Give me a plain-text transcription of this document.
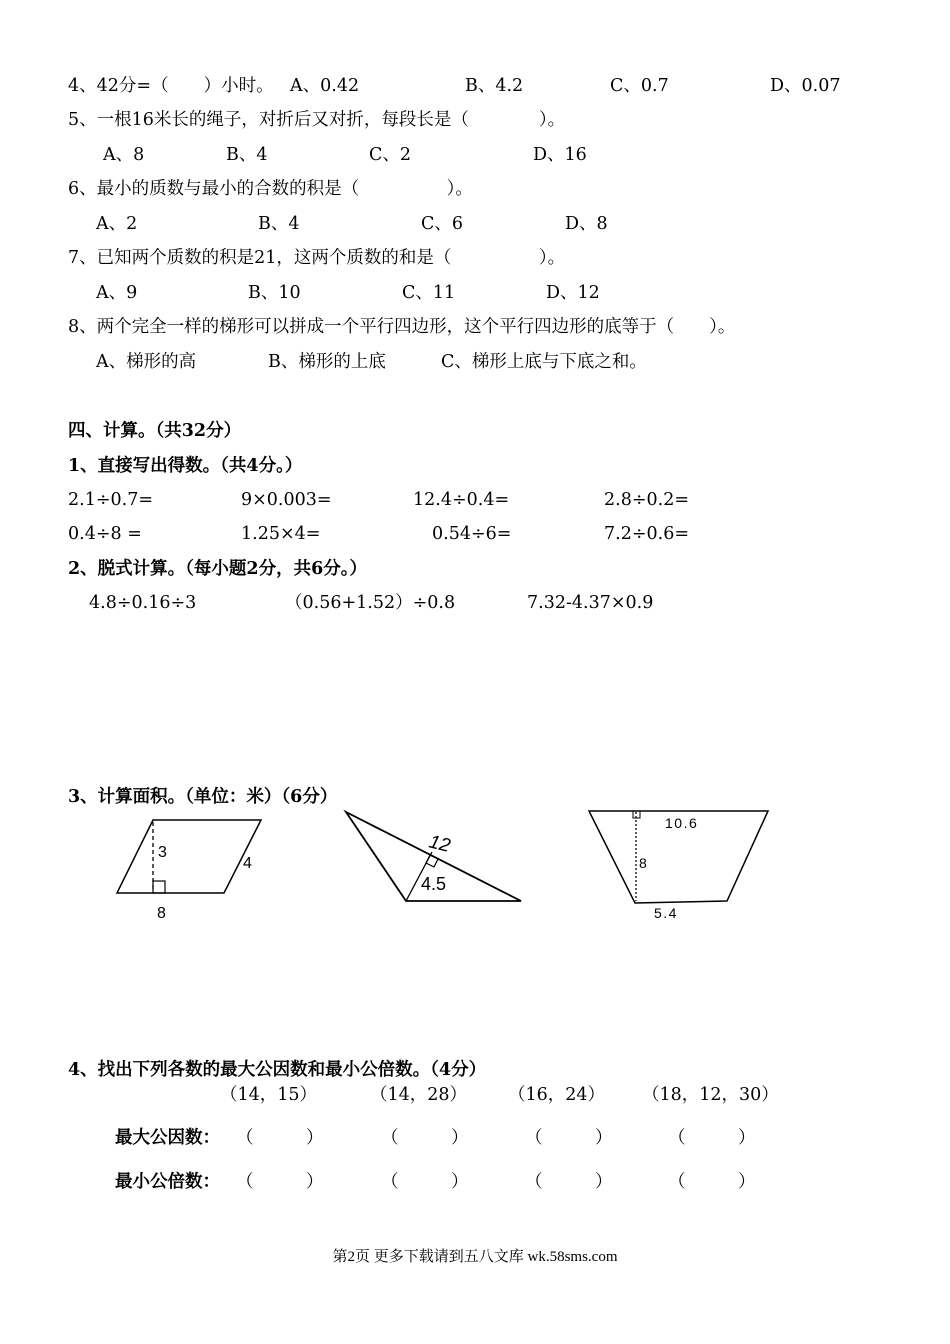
4、42分=（　　）小时。 A、0.42	B、4.2	C、0.7	D、0.07
5、一根16米长的绳子，对折后又对折，每段长是（　　　　）。
A、8	B、4	C、2	D、16
6、最小的质数与最小的合数的积是（　　　　　）。
A、2	B、4	C、6	D、8
7、已知两个质数的积是21，这两个质数的和是（　　　　　）。
A、9	B、10	C、11	D、12
8、两个完全一样的梯形可以拼成一个平行四边形，这个平行四边形的底等于（　　）。
A、梯形的高	B、梯形的上底	C、梯形上底与下底之和。
四、计算。（共32分）
1、直接写出得数。（共4分。）
2.1÷0.7=	9×0.003=	12.4÷0.4=	2.8÷0.2=
0.4÷8 =	1.25×4=	0.54÷6=	7.2÷0.6=
2、脱式计算。（每小题2分，共6分。）
4.8÷0.16÷3	（0.56+1.52）÷0.8	7.32-4.37×0.9
3、计算面积。（单位：米）（6分）
3
4
8
12
4.5
10.6
8
5.4
4、找出下列各数的最大公因数和最小公倍数。（4分）
（14，15）	（14，28） （16，24） （18，12，30）
最大公因数： （　　　）	（　　　）	（　　　）	（　　　）
最小公倍数： （　　　）	（　　　）	（　　　）	（　　　）
第2页 更多下载请到五八文库 wk.58sms.com
